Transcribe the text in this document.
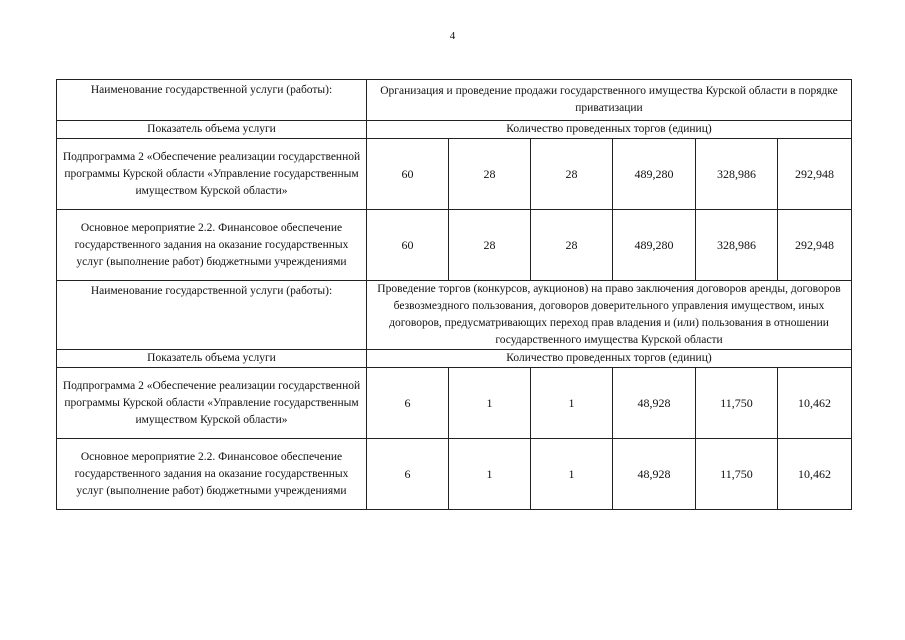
4
Наименование государственной услуги (работы):	Организация и проведение продажи государственного имущества Курской области в порядке приватизации					
Показатель объема услуги	Количество проведенных торгов (единиц)					
Подпрограмма 2 «Обеспечение реализации государственной программы Курской области «Управление государственным имуществом Курской области»	60	28	28	489,280	328,986	292,948
Основное мероприятие 2.2. Финансовое обеспечение государственного задания на оказание государственных услуг (выполнение работ) бюджетными учреждениями	60	28	28	489,280	328,986	292,948
Наименование государственной услуги (работы):	Проведение торгов (конкурсов, аукционов) на право заключения договоров аренды, договоров безвозмездного пользования, договоров доверительного управления имуществом, иных договоров, предусматривающих переход прав владения и (или) пользования в отношении государственного имущества Курской области					
Показатель объема услуги	Количество проведенных торгов (единиц)					
Подпрограмма 2 «Обеспечение реализации государственной программы Курской области «Управление государственным имуществом Курской области»	6	1	1	48,928	11,750	10,462
Основное мероприятие 2.2. Финансовое обеспечение государственного задания на оказание государственных услуг (выполнение работ) бюджетными учреждениями	6	1	1	48,928	11,750	10,462
